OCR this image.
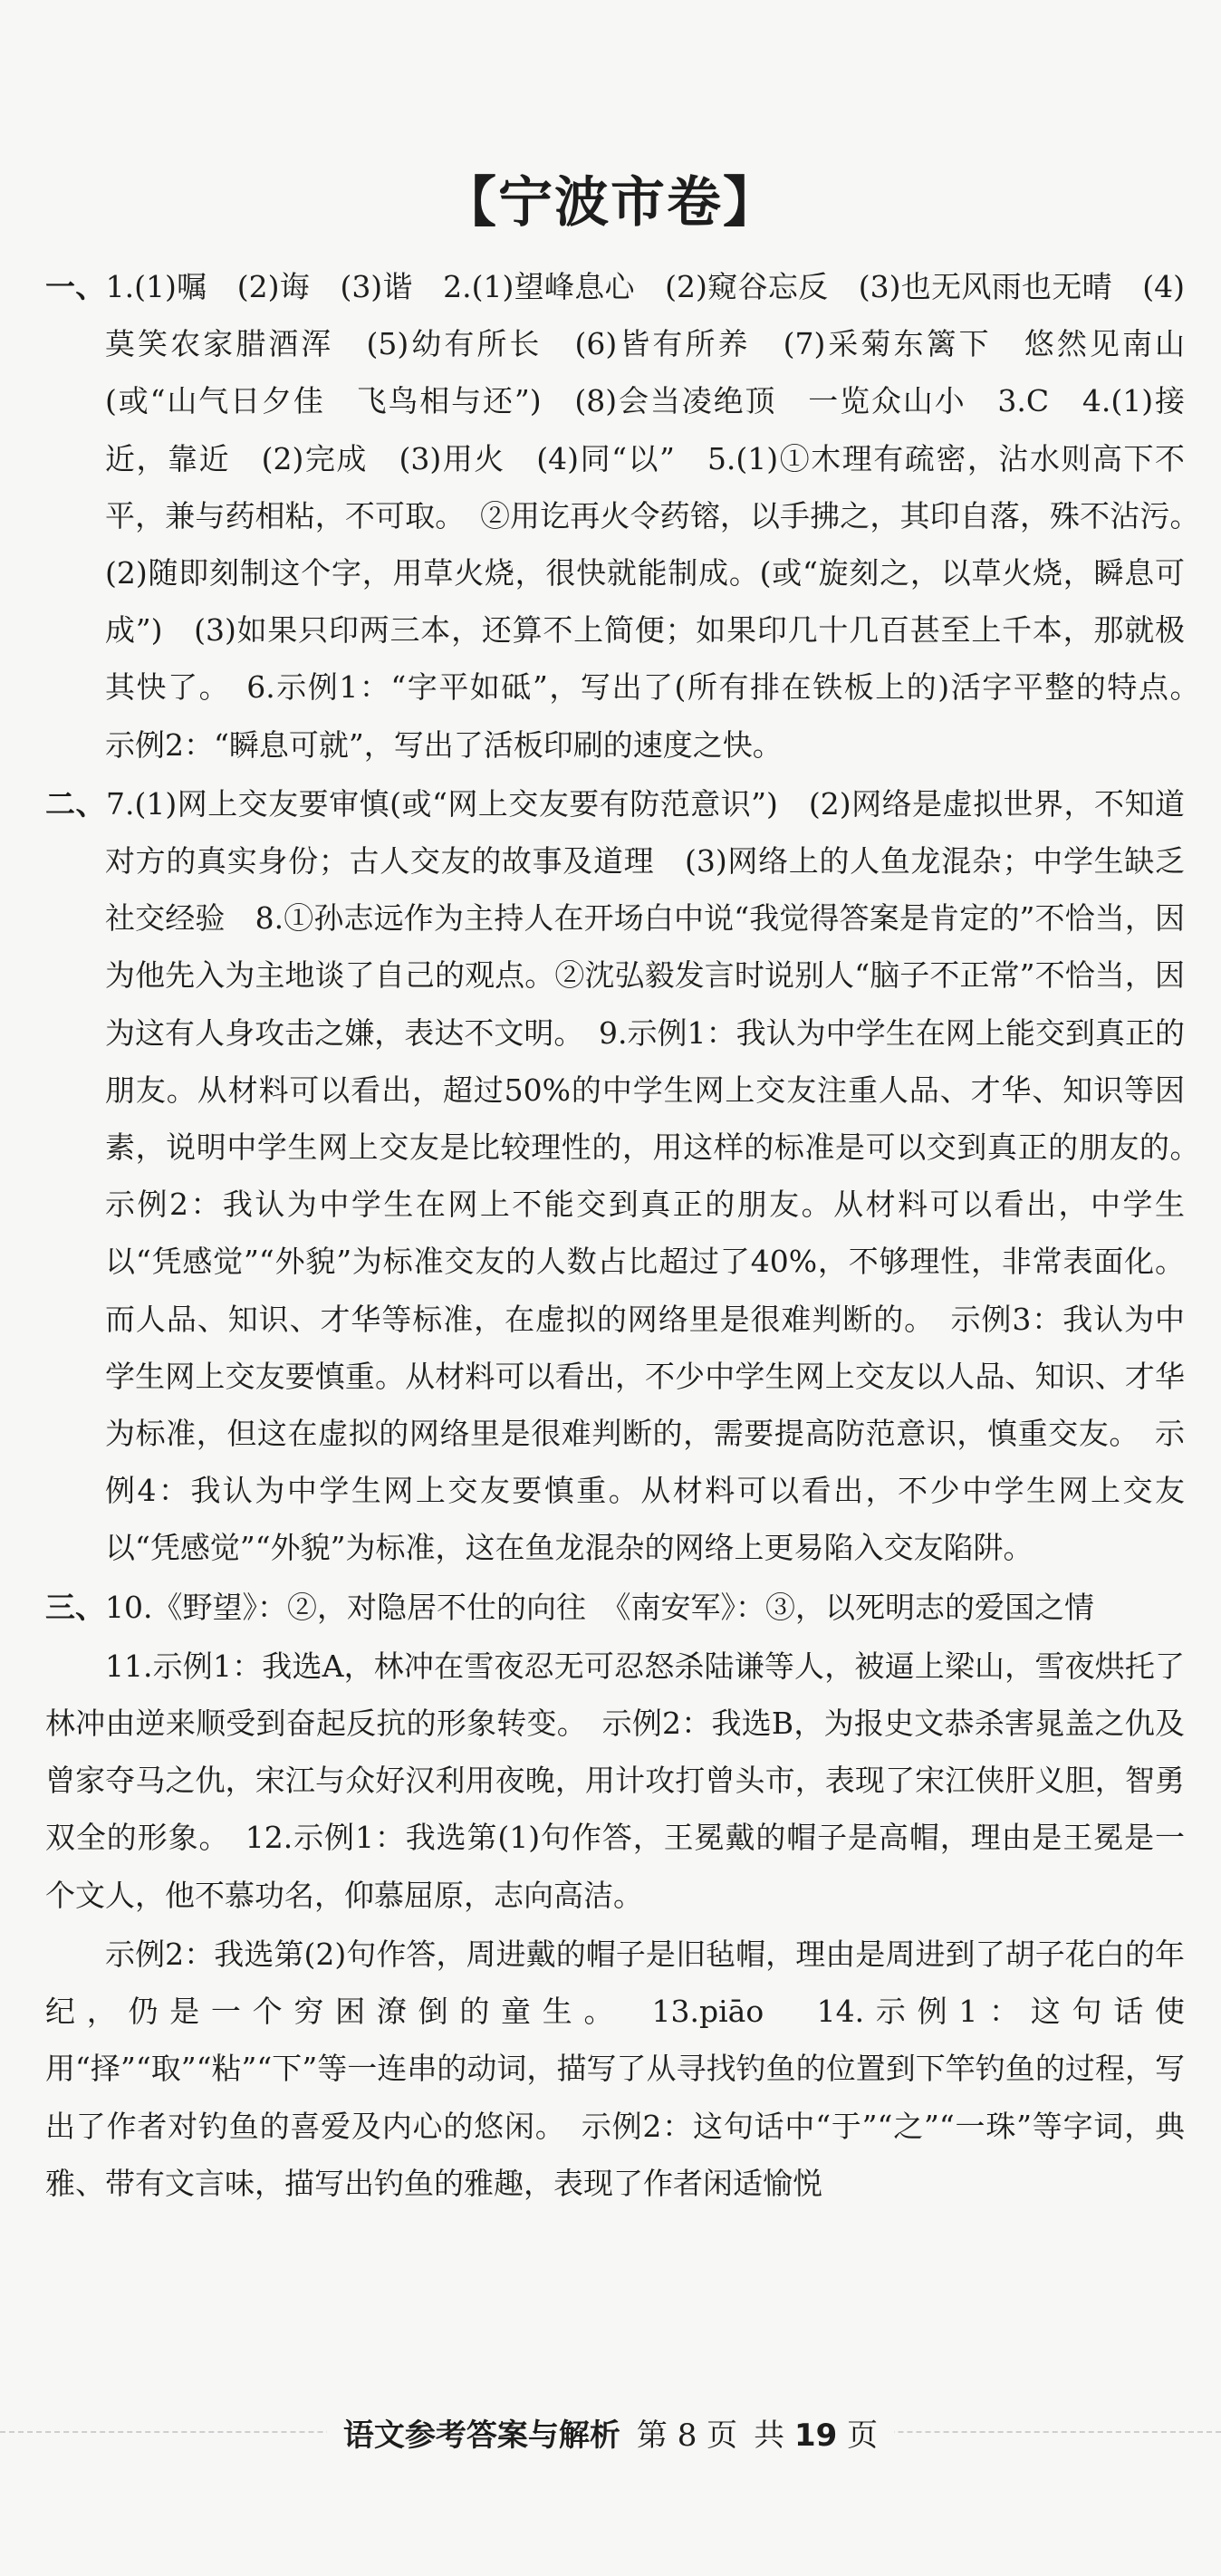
【宁波市卷】

一、1.(1)嘱　(2)诲　(3)谐　2.(1)望峰息心　(2)窥谷忘反　(3)也无风雨也无晴　(4)莫笑农家腊酒浑　(5)幼有所长　(6)皆有所养　(7)采菊东篱下　悠然见南山(或“山气日夕佳　飞鸟相与还”)　(8)会当凌绝顶　一览众山小　3.C　4.(1)接近，靠近　(2)完成　(3)用火　(4)同“以”　5.(1)①木理有疏密，沾水则高下不平，兼与药相粘，不可取。　②用讫再火令药镕，以手拂之，其印自落，殊不沾污。　(2)随即刻制这个字，用草火烧，很快就能制成。(或“旋刻之，以草火烧，瞬息可成”)　(3)如果只印两三本，还算不上简便；如果印几十几百甚至上千本，那就极其快了。　6.示例1：“字平如砥”，写出了(所有排在铁板上的)活字平整的特点。　示例2：“瞬息可就”，写出了活板印刷的速度之快。

二、7.(1)网上交友要审慎(或“网上交友要有防范意识”)　(2)网络是虚拟世界，不知道对方的真实身份；古人交友的故事及道理　(3)网络上的人鱼龙混杂；中学生缺乏社交经验　8.①孙志远作为主持人在开场白中说“我觉得答案是肯定的”不恰当，因为他先入为主地谈了自己的观点。②沈弘毅发言时说别人“脑子不正常”不恰当，因为这有人身攻击之嫌，表达不文明。　9.示例1：我认为中学生在网上能交到真正的朋友。从材料可以看出，超过50%的中学生网上交友注重人品、才华、知识等因素，说明中学生网上交友是比较理性的，用这样的标准是可以交到真正的朋友的。　示例2：我认为中学生在网上不能交到真正的朋友。从材料可以看出，中学生以“凭感觉”“外貌”为标准交友的人数占比超过了40%，不够理性，非常表面化。而人品、知识、才华等标准，在虚拟的网络里是很难判断的。　示例3：我认为中学生网上交友要慎重。从材料可以看出，不少中学生网上交友以人品、知识、才华为标准，但这在虚拟的网络里是很难判断的，需要提高防范意识，慎重交友。　示例4：我认为中学生网上交友要慎重。从材料可以看出，不少中学生网上交友以“凭感觉”“外貌”为标准，这在鱼龙混杂的网络上更易陷入交友陷阱。

三、10.《野望》：②，对隐居不仕的向往　《南安军》：③，以死明志的爱国之情

11.示例1：我选A，林冲在雪夜忍无可忍怒杀陆谦等人，被逼上梁山，雪夜烘托了林冲由逆来顺受到奋起反抗的形象转变。　示例2：我选B，为报史文恭杀害晁盖之仇及曾家夺马之仇，宋江与众好汉利用夜晚，用计攻打曾头市，表现了宋江侠肝义胆，智勇双全的形象。　12.示例1：我选第(1)句作答，王冕戴的帽子是高帽，理由是王冕是一个文人，他不慕功名，仰慕屈原，志向高洁。

示例2：我选第(2)句作答，周进戴的帽子是旧毡帽，理由是周进到了胡子花白的年纪，仍是一个穷困潦倒的童生。　13.piāo　14.示例1：这句话使用“择”“取”“粘”“下”等一连串的动词，描写了从寻找钓鱼的位置到下竿钓鱼的过程，写出了作者对钓鱼的喜爱及内心的悠闲。　示例2：这句话中“于”“之”“一珠”等字词，典雅、带有文言味，描写出钓鱼的雅趣，表现了作者闲适愉悦

语文参考答案与解析 第 8 页 共 19 页
